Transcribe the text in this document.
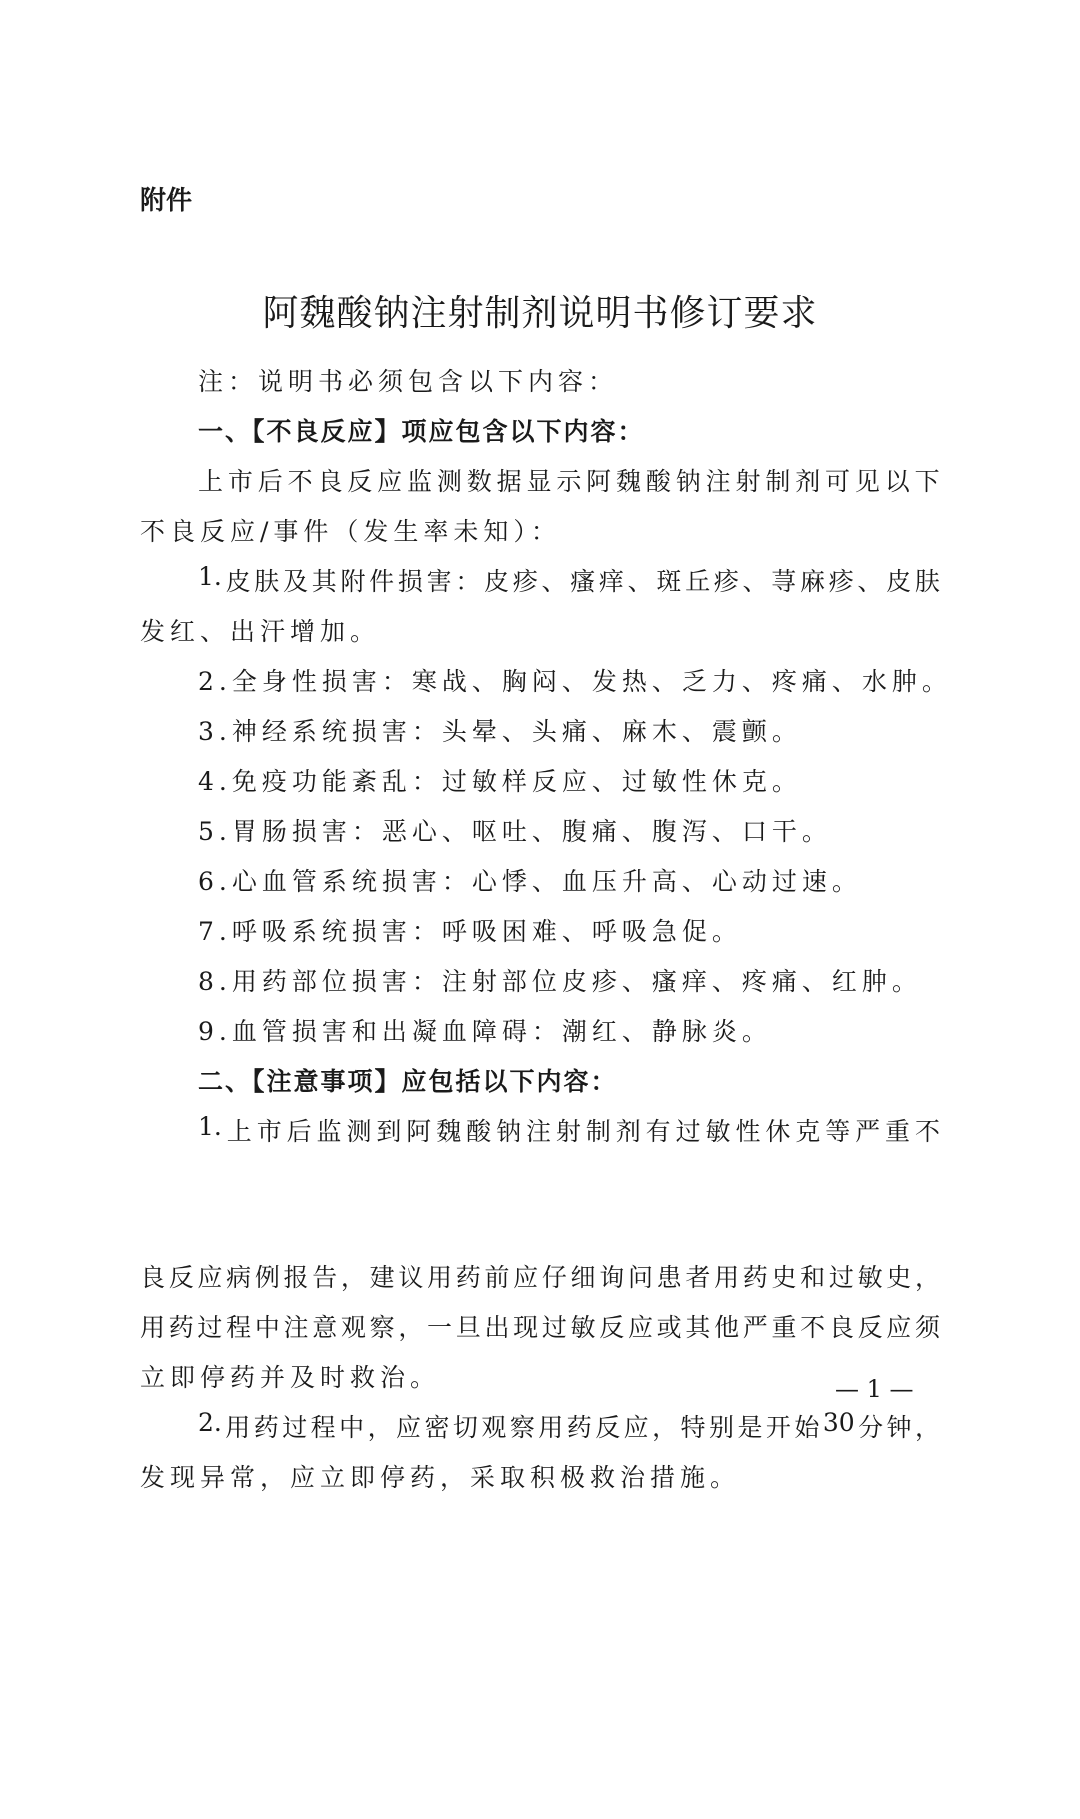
附件
阿魏酸钠注射制剂说明书修订要求
注：说明书必须包含以下内容：
一、【不良反应】项应包含以下内容：
上 市 后 不 良 反 应 监 测 数 据 显 示 阿 魏 酸 钠 注 射 制 剂 可 见 以 下
不良反应/事件（发生率未知）：
1. 皮 肤 及 其 附 件 损 害 ： 皮 疹 、 瘙 痒 、 斑 丘 疹 、 荨 麻 疹 、 皮 肤
发红、出汗增加。
2.全身性损害：寒战、胸闷、发热、乏力、疼痛、水肿。
3.神经系统损害：头晕、头痛、麻木、震颤。
4.免疫功能紊乱：过敏样反应、过敏性休克。
5.胃肠损害：恶心、呕吐、腹痛、腹泻、口干。
6.心血管系统损害：心悸、血压升高、心动过速。
7.呼吸系统损害：呼吸困难、呼吸急促。
8.用药部位损害：注射部位皮疹、瘙痒、疼痛、红肿。
9.血管损害和出凝血障碍：潮红、静脉炎。
二、【注意事项】应包括以下内容：
1. 上 市 后 监 测 到 阿 魏 酸 钠 注 射 制 剂 有 过 敏 性 休 克 等 严 重 不
— 1 —
良 反 应 病 例 报 告 ， 建 议 用 药 前 应 仔 细 询 问 患 者 用 药 史 和 过 敏 史 ，
用 药 过 程 中 注 意 观 察 ， 一 旦 出 现 过 敏 反 应 或 其 他 严 重 不 良 反 应 须
立即停药并及时救治。
2. 用 药 过 程 中 ， 应 密 切 观 察 用 药 反 应 ， 特 别 是 开 始 30 分 钟 ，
发现异常，应立即停药，采取积极救治措施。
